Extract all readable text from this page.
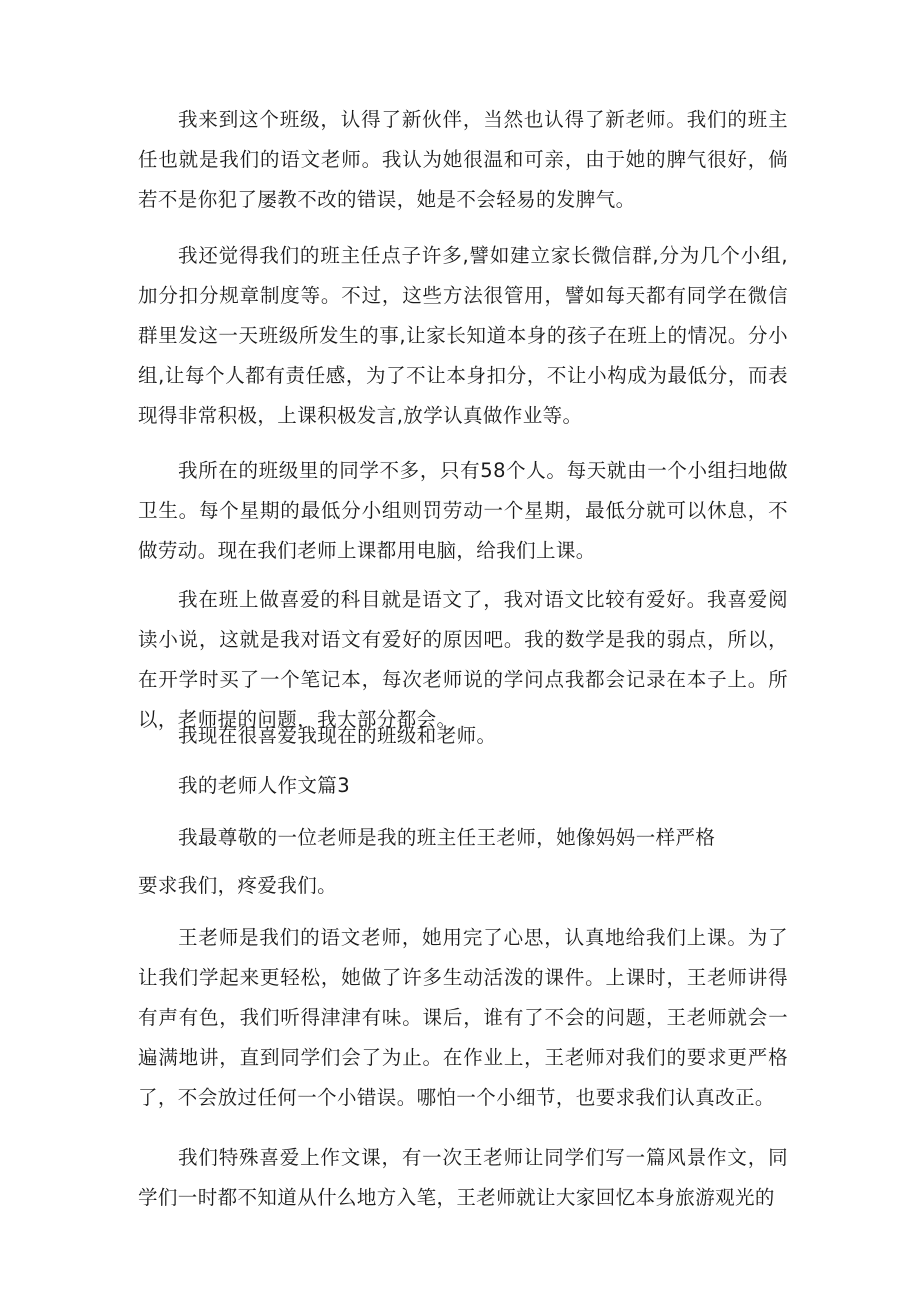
我来到这个班级，认得了新伙伴，当然也认得了新老师。我们的班主任也就是我们的语文老师。我认为她很温和可亲，由于她的脾气很好，倘若不是你犯了屡教不改的错误，她是不会轻易的发脾气。

我还觉得我们的班主任点子许多,譬如建立家长微信群,分为几个小组,加分扣分规章制度等。不过，这些方法很管用，譬如每天都有同学在微信群里发这一天班级所发生的事,让家长知道本身的孩子在班上的情况。分小组,让每个人都有责任感，为了不让本身扣分，不让小构成为最低分，而表现得非常积极，上课积极发言,放学认真做作业等。

我所在的班级里的同学不多，只有58个人。每天就由一个小组扫地做卫生。每个星期的最低分小组则罚劳动一个星期，最低分就可以休息，不做劳动。现在我们老师上课都用电脑，给我们上课。

我在班上做喜爱的科目就是语文了，我对语文比较有爱好。我喜爱阅读小说，这就是我对语文有爱好的原因吧。我的数学是我的弱点，所以，在开学时买了一个笔记本，每次老师说的学问点我都会记录在本子上。所以，老师提的问题，我大部分都会。

我现在很喜爱我现在的班级和老师。

我的老师人作文篇3

我最尊敬的一位老师是我的班主任王老师，她像妈妈一样严格

要求我们，疼爱我们。

王老师是我们的语文老师，她用完了心思，认真地给我们上课。为了让我们学起来更轻松，她做了许多生动活泼的课件。上课时，王老师讲得有声有色，我们听得津津有味。课后，谁有了不会的问题，王老师就会一遍满地讲，直到同学们会了为止。在作业上，王老师对我们的要求更严格了，不会放过任何一个小错误。哪怕一个小细节，也要求我们认真改正。

我们特殊喜爱上作文课，有一次王老师让同学们写一篇风景作文，同学们一时都不知道从什么地方入笔，王老师就让大家回忆本身旅游观光的
